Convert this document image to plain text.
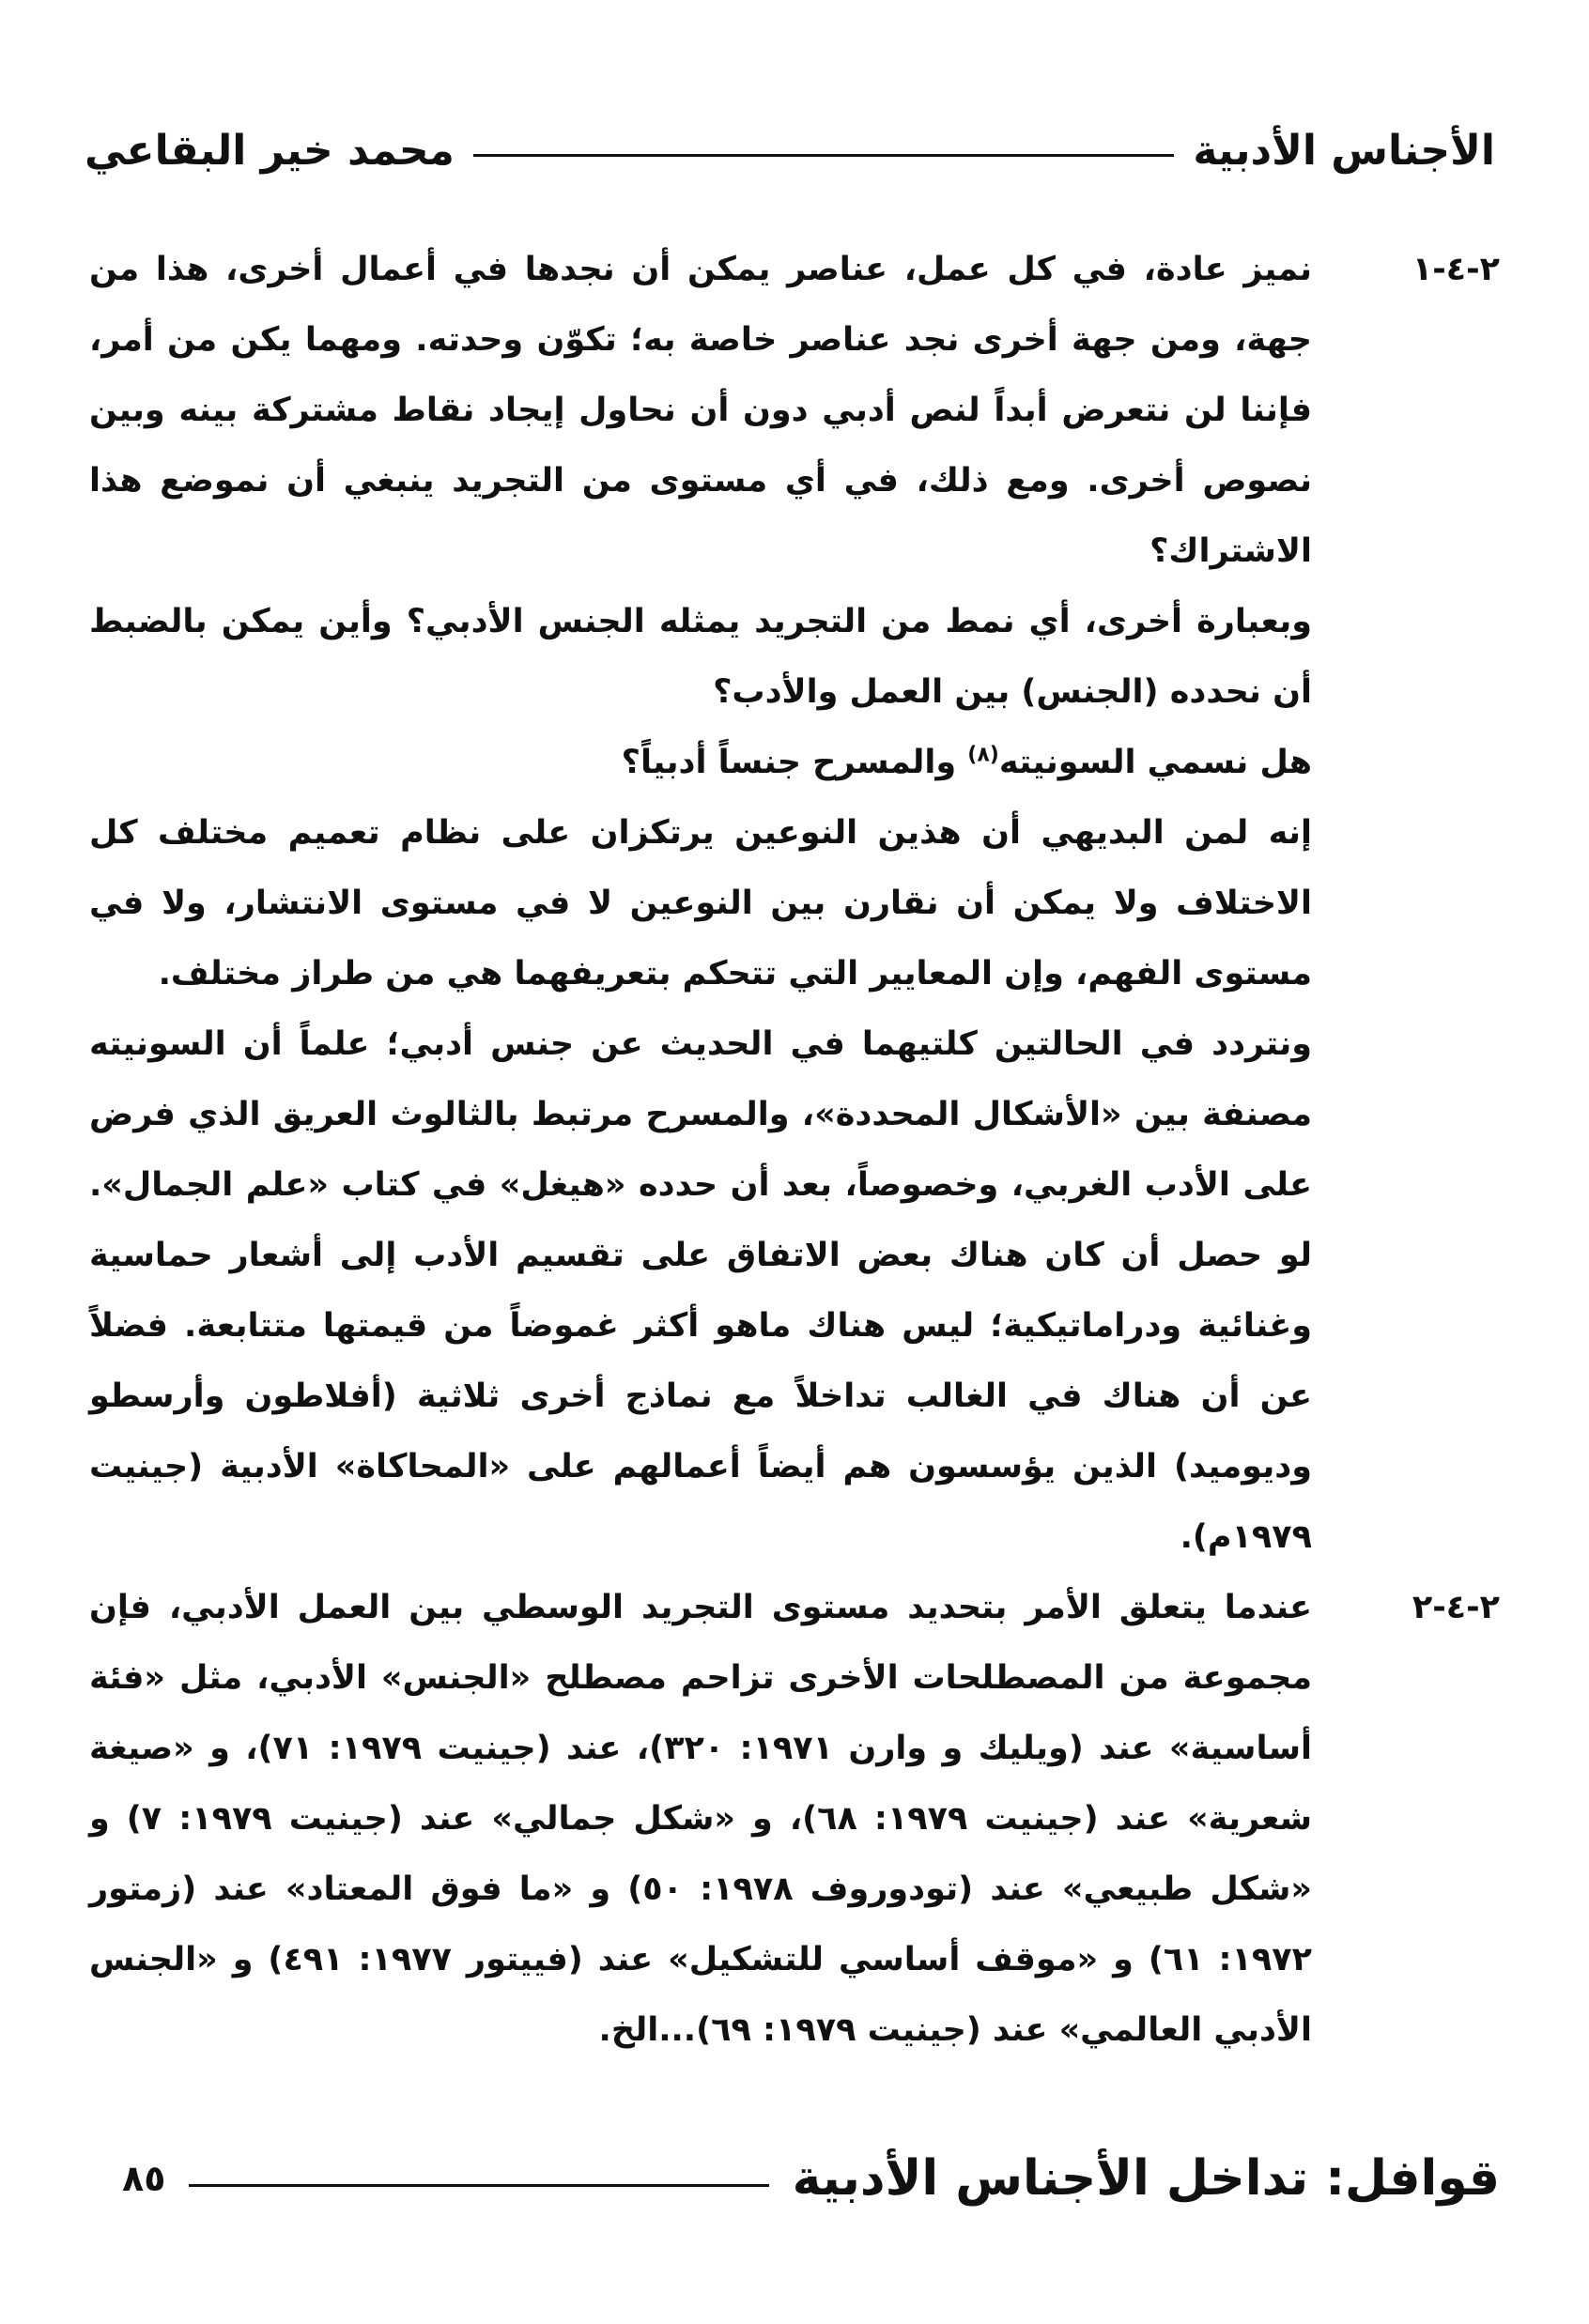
الأجناس الأدبية
محمد خير البقاعي
٢-٤-١

نميز عادة، في كل عمل، عناصر يمكن أن نجدها في أعمال أخرى، هذا من جهة، ومن جهة أخرى نجد عناصر خاصة به؛ تكوّن وحدته. ومهما يكن من أمر، فإننا لن نتعرض أبداً لنص أدبي دون أن نحاول إيجاد نقاط مشتركة بينه وبين نصوص أخرى. ومع ذلك، في أي مستوى من التجريد ينبغي أن نموضع هذا الاشتراك؟

وبعبارة أخرى، أي نمط من التجريد يمثله الجنس الأدبي؟ وأين يمكن بالضبط أن نحدده (الجنس) بين العمل والأدب؟

هل نسمي السونيته$^{(٨)}$ والمسرح جنساً أدبياً؟

إنه لمن البديهي أن هذين النوعين يرتكزان على نظام تعميم مختلف كل الاختلاف ولا يمكن أن نقارن بين النوعين لا في مستوى الانتشار، ولا في مستوى الفهم، وإن المعايير التي تتحكم بتعريفهما هي من طراز مختلف.

ونتردد في الحالتين كلتيهما في الحديث عن جنس أدبي؛ علماً أن السونيته مصنفة بين «الأشكال المحددة»، والمسرح مرتبط بالثالوث العريق الذي فرض على الأدب الغربي، وخصوصاً، بعد أن حدده «هيغل» في كتاب «علم الجمال». لو حصل أن كان هناك بعض الاتفاق على تقسيم الأدب إلى أشعار حماسية وغنائية ودراماتيكية؛ ليس هناك ماهو أكثر غموضاً من قيمتها متتابعة. فضلاً عن أن هناك في الغالب تداخلاً مع نماذج أخرى ثلاثية (أفلاطون وأرسطو وديوميد) الذين يؤسسون هم أيضاً أعمالهم على «المحاكاة» الأدبية (جينيت ١٩٧٩م).

٢-٤-٢

عندما يتعلق الأمر بتحديد مستوى التجريد الوسطي بين العمل الأدبي، فإن مجموعة من المصطلحات الأخرى تزاحم مصطلح «الجنس» الأدبي، مثل «فئة أساسية» عند (ويليك و وارن ١٩٧١: ٣٢٠)، عند (جينيت ١٩٧٩: ٧١)، و «صيغة شعرية» عند (جينيت ١٩٧٩: ٦٨)، و «شكل جمالي» عند (جينيت ١٩٧٩: ٧) و «شكل طبيعي» عند (تودوروف ١٩٧٨: ٥٠) و «ما فوق المعتاد» عند (زمتور ١٩٧٢: ٦١) و «موقف أساسي للتشكيل» عند (فييتور ١٩٧٧: ٤٩١) و «الجنس الأدبي العالمي» عند (جينيت ١٩٧٩: ٦٩)...الخ.

قوافل: تداخل الأجناس الأدبية
٨٥
